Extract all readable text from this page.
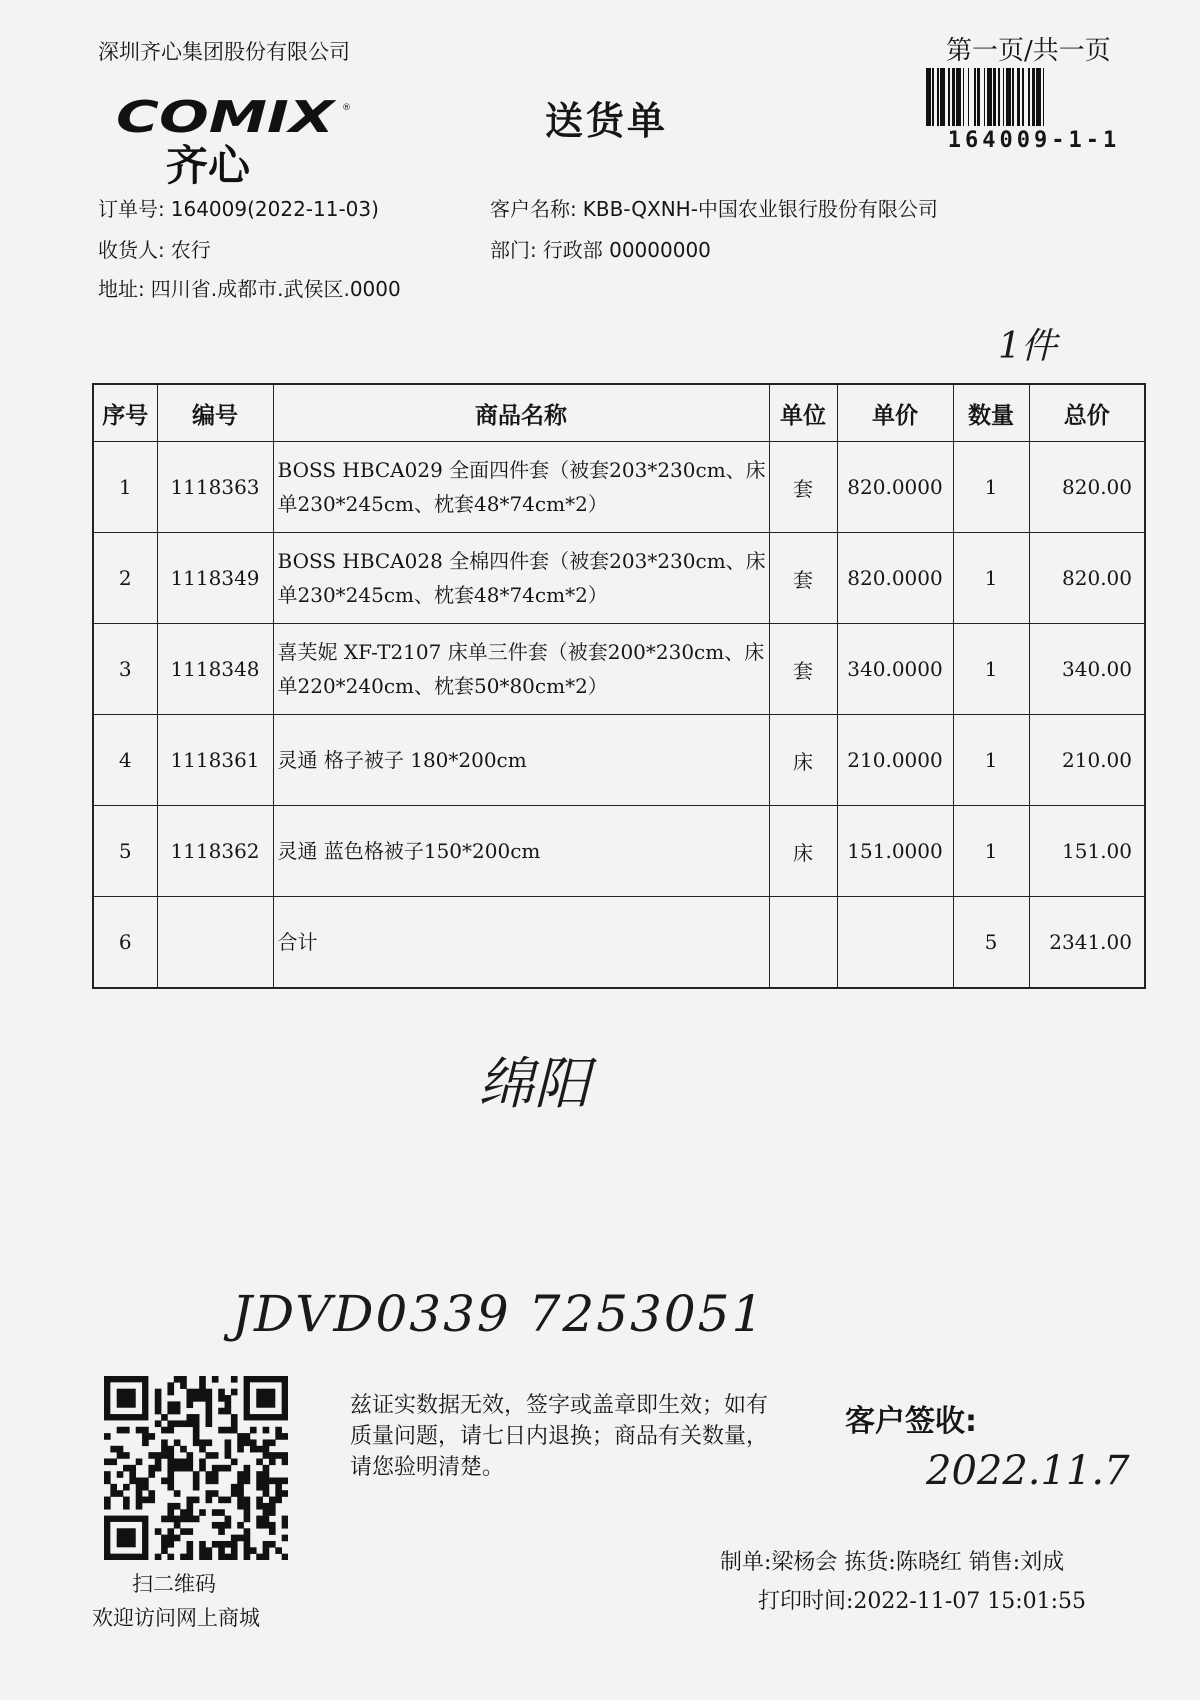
深圳齐心集团股份有限公司	第一页/共一页
164009-1-1
COMIX ®
齐心
送货单
订单号: 164009(2022-11-03)	客户名称: KBB-QXNH-中国农业银行股份有限公司
收货人: 农行	部门: 行政部 00000000
地址: 四川省.成都市.武侯区.0000
1件
序号	编号	商品名称	单位	单价	数量	总价
1	1118363	BOSS HBCA029 全面四件套（被套203*230cm、床单230*245cm、枕套48*74cm*2）	套	820.0000	1	820.00
2	1118349	BOSS HBCA028 全棉四件套（被套203*230cm、床单230*245cm、枕套48*74cm*2）	套	820.0000	1	820.00
3	1118348	喜芙妮 XF-T2107 床单三件套（被套200*230cm、床单220*240cm、枕套50*80cm*2）	套	340.0000	1	340.00
4	1118361	灵通 格子被子 180*200cm	床	210.0000	1	210.00
5	1118362	灵通 蓝色格被子150*200cm	床	151.0000	1	151.00
6		合计			5	2341.00
绵阳
JDVD0339 7253051
扫二维码
欢迎访问网上商城
兹证实数据无效，签字或盖章即生效；如有质量问题，请七日内退换；商品有关数量，请您验明清楚。
客户签收:
2022.11.7
制单:梁杨会 拣货:陈晓红 销售:刘成
打印时间:2022-11-07 15:01:55
